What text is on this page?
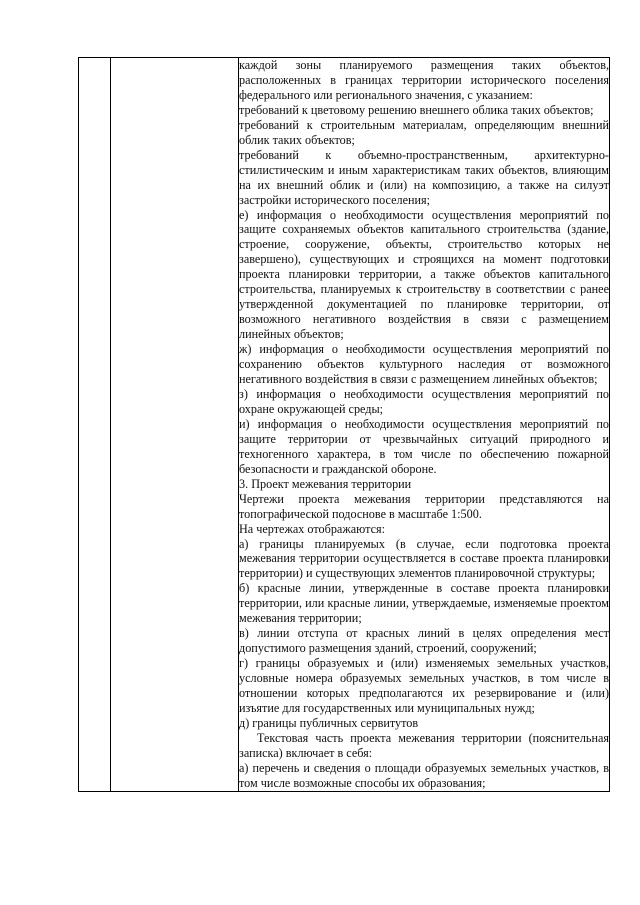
каждой зоны планируемого размещения таких объектов, расположенных в границах территории исторического поселения федерального или регионального значения, с указанием:

требований к цветовому решению внешнего облика таких объектов;

требований к строительным материалам, определяющим внешний облик таких объектов;

требований к объемно-пространственным, архитектурно-стилистическим и иным характеристикам таких объектов, влияющим на их внешний облик и (или) на композицию, а также на силуэт застройки исторического поселения;

е) информация о необходимости осуществления мероприятий по защите сохраняемых объектов капитального строительства (здание, строение, сооружение, объекты, строительство которых не завершено), существующих и строящихся на момент подготовки проекта планировки территории, а также объектов капитального строительства, планируемых к строительству в соответствии с ранее утвержденной документацией по планировке территории, от возможного негативного воздействия в связи с размещением линейных объектов;

ж) информация о необходимости осуществления мероприятий по сохранению объектов культурного наследия от возможного негативного воздействия в связи с размещением линейных объектов;

з) информация о необходимости осуществления мероприятий по охране окружающей среды;

и) информация о необходимости осуществления мероприятий по защите территории от чрезвычайных ситуаций природного и техногенного характера, в том числе по обеспечению пожарной безопасности и гражданской обороне.

3. Проект межевания территории

Чертежи проекта межевания территории представляются на топографической подоснове в масштабе 1:500.

На чертежах отображаются:

а) границы планируемых (в случае, если подготовка проекта межевания территории осуществляется в составе проекта планировки территории) и существующих элементов планировочной структуры;

б) красные линии, утвержденные в составе проекта планировки территории, или красные линии, утверждаемые, изменяемые проектом межевания территории;

в) линии отступа от красных линий в целях определения мест допустимого размещения зданий, строений, сооружений;

г) границы образуемых и (или) изменяемых земельных участков, условные номера образуемых земельных участков, в том числе в отношении которых предполагаются их резервирование и (или) изъятие для государственных или муниципальных нужд;

д) границы публичных сервитутов

Текстовая часть проекта межевания территории (пояснительная записка) включает в себя:

а) перечень и сведения о площади образуемых земельных участков, в том числе возможные способы их образования;
